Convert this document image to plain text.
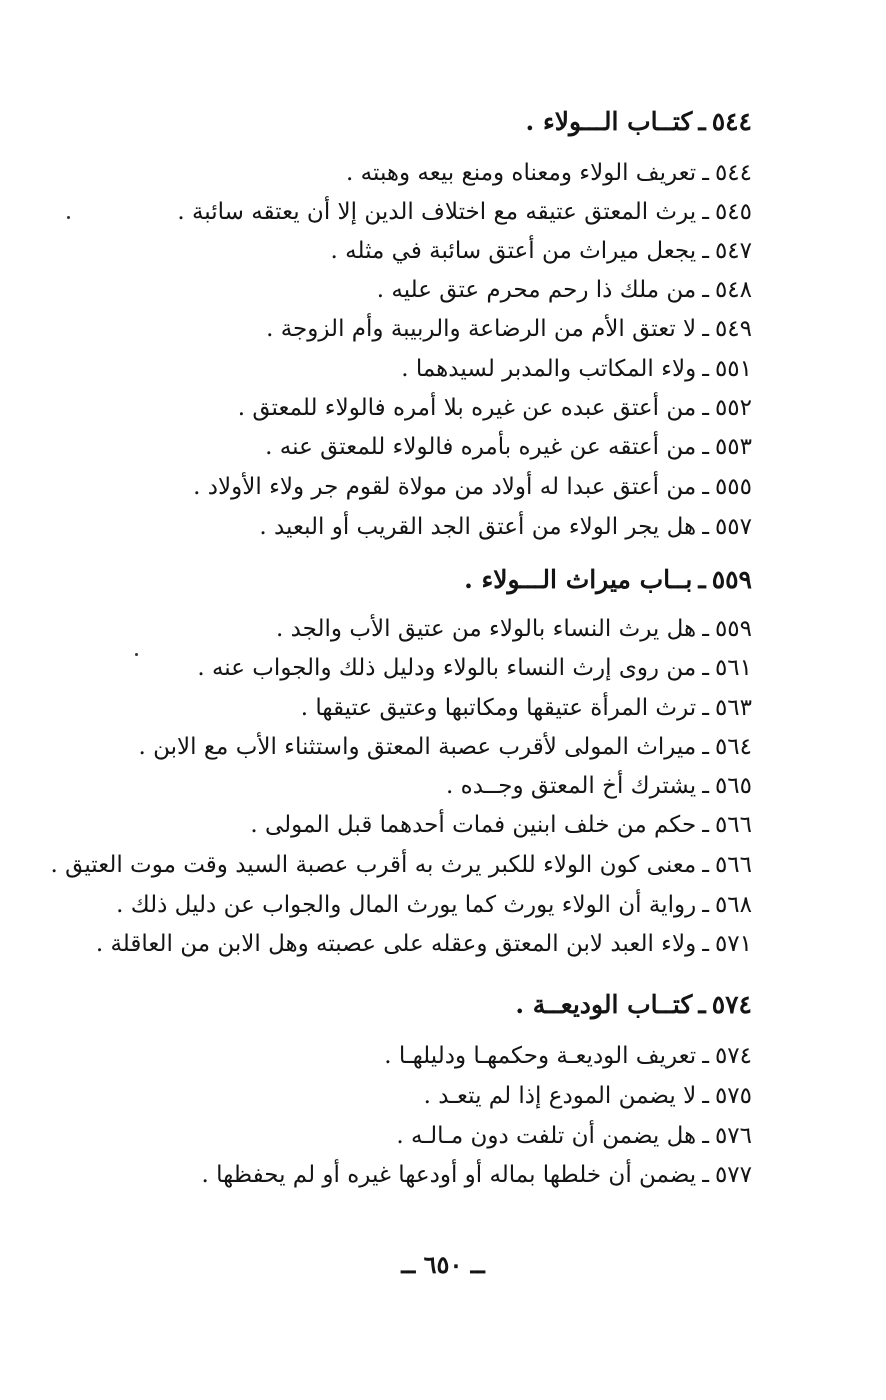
٥٤٤ـكتــاب الـــولاء .
٥٤٤ـتعريف الولاء ومعناه ومنع بيعه وهبته .
٥٤٥ـيرث المعتق عتيقه مع اختلاف الدين إلا أن يعتقه سائبة .
٥٤٧ـيجعل ميراث من أعتق سائبة في مثله .
٥٤٨ـمن ملك ذا رحم محرم عتق عليه .
٥٤٩ـلا تعتق الأم من الرضاعة والربيبة وأم الزوجة .
٥٥١ـولاء المكاتب والمدبر لسيدهما .
٥٥٢ـمن أعتق عبده عن غيره بلا أمره فالولاء للمعتق .
٥٥٣ـمن أعتقه عن غيره بأمره فالولاء للمعتق عنه .
٥٥٥ـمن أعتق عبدا له أولاد من مولاة لقوم جر ولاء الأولاد .
٥٥٧ـهل يجر الولاء من أعتق الجد القريب أو البعيد .
٥٥٩ـبــاب ميراث الـــولاء .
٥٥٩ـهل يرث النساء بالولاء من عتيق الأب والجد .
٥٦١ـمن روى إرث النساء بالولاء ودليل ذلك والجواب عنه .
٥٦٣ـترث المرأة عتيقها ومكاتبها وعتيق عتيقها .
٥٦٤ـميراث المولى لأقرب عصبة المعتق واستثناء الأب مع الابن .
٥٦٥ـيشترك أخ المعتق وجــده .
٥٦٦ـحكم من خلف ابنين فمات أحدهما قبل المولى .
٥٦٦ـمعنى كون الولاء للكبر يرث به أقرب عصبة السيد وقت موت العتيق .
٥٦٨ـرواية أن الولاء يورث كما يورث المال والجواب عن دليل ذلك .
٥٧١ـولاء العبد لابن المعتق وعقله على عصبته وهل الابن من العاقلة .
٥٧٤ـكتــاب الوديعــة .
٥٧٤ـتعريف الوديعـة وحكمهـا ودليلهـا .
٥٧٥ـلا يضمن المودع إذا لم يتعـد .
٥٧٦ـهل يضمن أن تلفت دون مـالـه .
٥٧٧ـيضمن أن خلطها بماله أو أودعها غيره أو لم يحفظها .
ــ ٦٥٠ ــ
